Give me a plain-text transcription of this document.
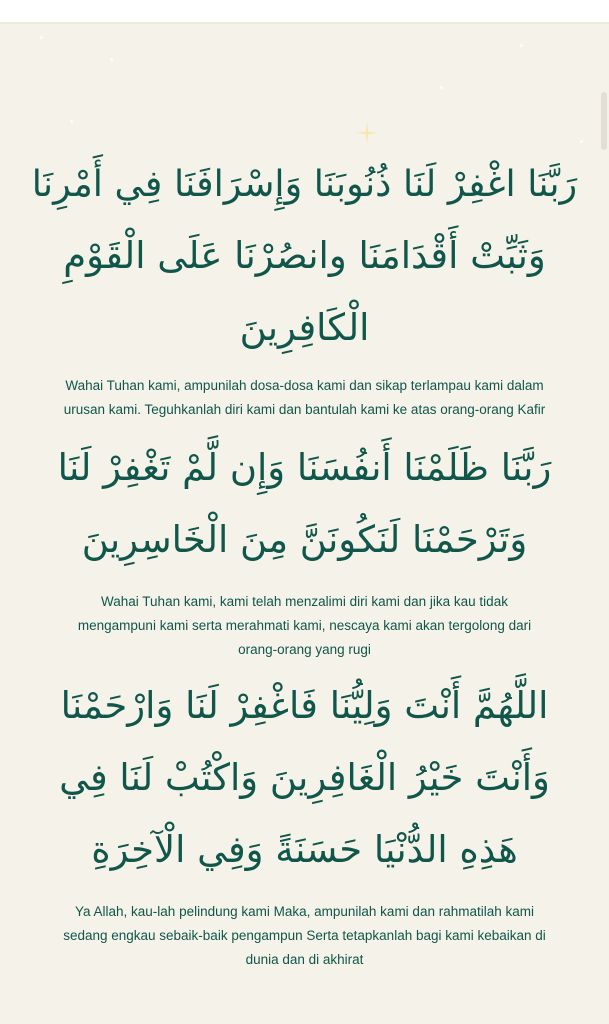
رَبَّنَا اغْفِرْ لَنَا ذُنُوبَنَا وَإِسْرَافَنَا فِي أَمْرِنَا
وَثَبِّتْ أَقْدَامَنَا وانصُرْنَا عَلَى الْقَوْمِ
الْكَافِرِينَ
Wahai Tuhan kami, ampunilah dosa-dosa kami dan sikap terlampau kami dalam
urusan kami. Teguhkanlah diri kami dan bantulah kami ke atas orang-orang Kafir
رَبَّنَا ظَلَمْنَا أَنفُسَنَا وَإِن لَّمْ تَغْفِرْ لَنَا
وَتَرْحَمْنَا لَنَكُونَنَّ مِنَ الْخَاسِرِينَ
Wahai Tuhan kami, kami telah menzalimi diri kami dan jika kau tidak
mengampuni kami serta merahmati kami, nescaya kami akan tergolong dari
orang-orang yang rugi
اللَّهُمَّ أَنْتَ وَلِيُّنَا فَاغْفِرْ لَنَا وَارْحَمْنَا
وَأَنْتَ خَيْرُ الْغَافِرِينَ وَاكْتُبْ لَنَا فِي
هَذِهِ الدُّنْيَا حَسَنَةً وَفِي الْآخِرَةِ
Ya Allah, kau-lah pelindung kami Maka, ampunilah kami dan rahmatilah kami
sedang engkau sebaik-baik pengampun Serta tetapkanlah bagi kami kebaikan di
dunia dan di akhirat
